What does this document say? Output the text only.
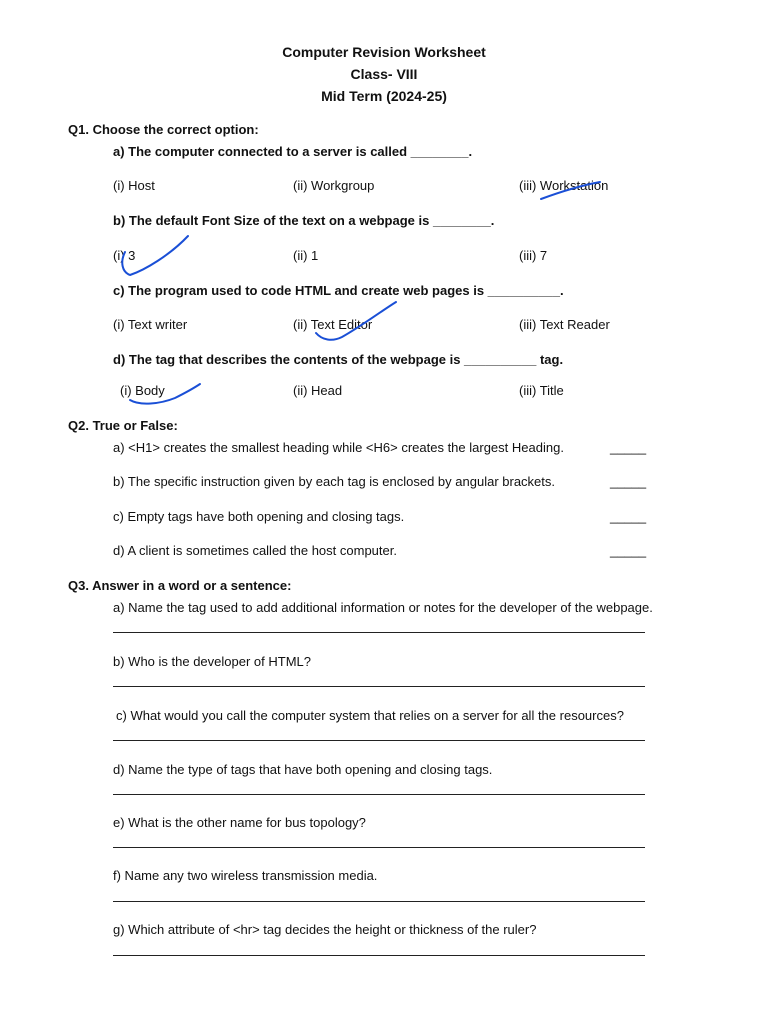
Computer Revision Worksheet
Class- VIII
Mid Term (2024-25)
Q1. Choose the correct option:
a) The computer connected to a server is called ________.
(i) Host	(ii) Workgroup	(iii) Workstation
b) The default Font Size of the text on a webpage is ________.
(i) 3	(ii) 1	(iii) 7
c) The program used to code HTML and create web pages is __________.
(i) Text writer	(ii) Text Editor	(iii) Text Reader
d) The tag that describes the contents of the webpage is __________ tag.
(i) Body	(ii) Head	(iii) Title
Q2. True or False:
a) <H1> creates the smallest heading while <H6> creates the largest Heading.	_____
b) The specific instruction given by each tag is enclosed by angular brackets.	_____
c) Empty tags have both opening and closing tags.	_____
d) A client is sometimes called the host computer.	_____
Q3. Answer in a word or a sentence:
a) Name the tag used to add additional information or notes for the developer of the webpage.
b) Who is the developer of HTML?
c) What would you call the computer system that relies on a server for all the resources?
d) Name the type of tags that have both opening and closing tags.
e) What is the other name for bus topology?
f) Name any two wireless transmission media.
g) Which attribute of <hr> tag decides the height or thickness of the ruler?
